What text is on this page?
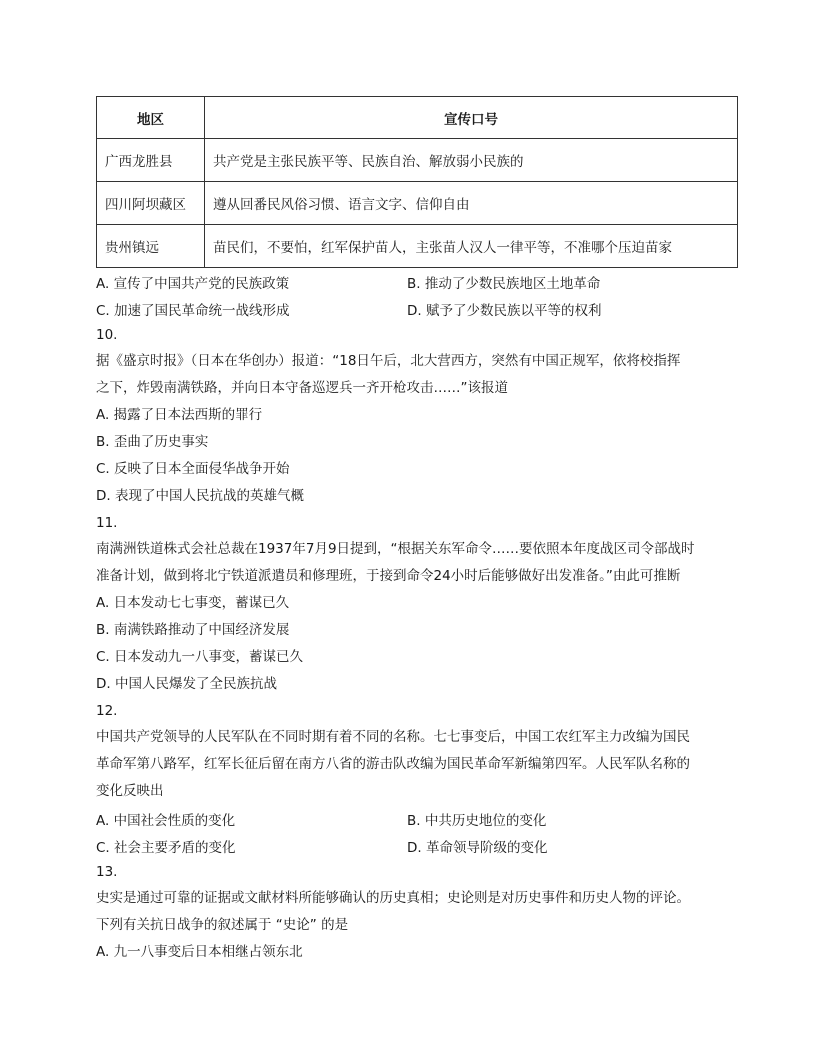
地区	宣传口号
广西龙胜县	共产党是主张民族平等、民族自治、解放弱小民族的
四川阿坝藏区	遵从回番民风俗习惯、语言文字、信仰自由
贵州镇远	苗民们，不要怕，红军保护苗人，主张苗人汉人一律平等，不准哪个压迫苗家
A. 宣传了中国共产党的民族政策	B. 推动了少数民族地区土地革命
C. 加速了国民革命统一战线形成	D. 赋予了少数民族以平等的权利
10.
据《盛京时报》（日本在华创办）报道：“18日午后，北大营西方，突然有中国正规军，依将校指挥
之下，炸毁南满铁路，并向日本守备巡逻兵一齐开枪攻击……”该报道
A. 揭露了日本法西斯的罪行
B. 歪曲了历史事实
C. 反映了日本全面侵华战争开始
D. 表现了中国人民抗战的英雄气概
11.
南满洲铁道株式会社总裁在1937年7月9日提到，“根据关东军命令……要依照本年度战区司令部战时
准备计划，做到将北宁铁道派遣员和修理班，于接到命令24小时后能够做好出发准备。”由此可推断
A. 日本发动七七事变，蓄谋已久
B. 南满铁路推动了中国经济发展
C. 日本发动九一八事变，蓄谋已久
D. 中国人民爆发了全民族抗战
12.
中国共产党领导的人民军队在不同时期有着不同的名称。七七事变后，中国工农红军主力改编为国民
革命军第八路军，红军长征后留在南方八省的游击队改编为国民革命军新编第四军。人民军队名称的
变化反映出
A. 中国社会性质的变化	B. 中共历史地位的变化
C. 社会主要矛盾的变化	D. 革命领导阶级的变化
13.
史实是通过可靠的证据或文献材料所能够确认的历史真相；史论则是对历史事件和历史人物的评论。
下列有关抗日战争的叙述属于 “史论” 的是
A. 九一八事变后日本相继占领东北
